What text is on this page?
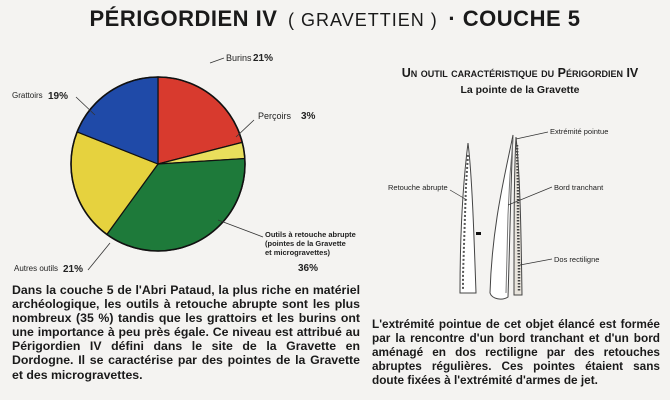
PÉRIGORDIEN IV ( GRAVETTIEN ) · COUCHE 5
Burins 21%
Perçoirs 3%
Outils à retouche abrupte
(pointes de la Gravette
et microgravettes)
36%
Autres outils 21%
Grattoirs 19%
Dans la couche 5 de l'Abri Pataud, la plus riche en matériel archéologique, les outils à retouche abrupte sont les plus nombreux (35 %) tandis que les grattoirs et les burins ont une importance à peu près égale. Ce niveau est attribué au Périgordien IV défini dans le site de la Gravette en Dordogne. Il se caractérise par des pointes de la Gravette et des microgravettes.
Un outil caractéristique du Périgordien IV
La pointe de la Gravette
Extrémité pointue
Retouche abrupte	Bord tranchant
Dos rectiligne
L'extrémité pointue de cet objet élancé est formée par la rencontre d'un bord tranchant et d'un bord aménagé en dos rectiligne par des retouches abruptes régulières. Ces pointes étaient sans doute fixées à l'extrémité d'armes de jet.
